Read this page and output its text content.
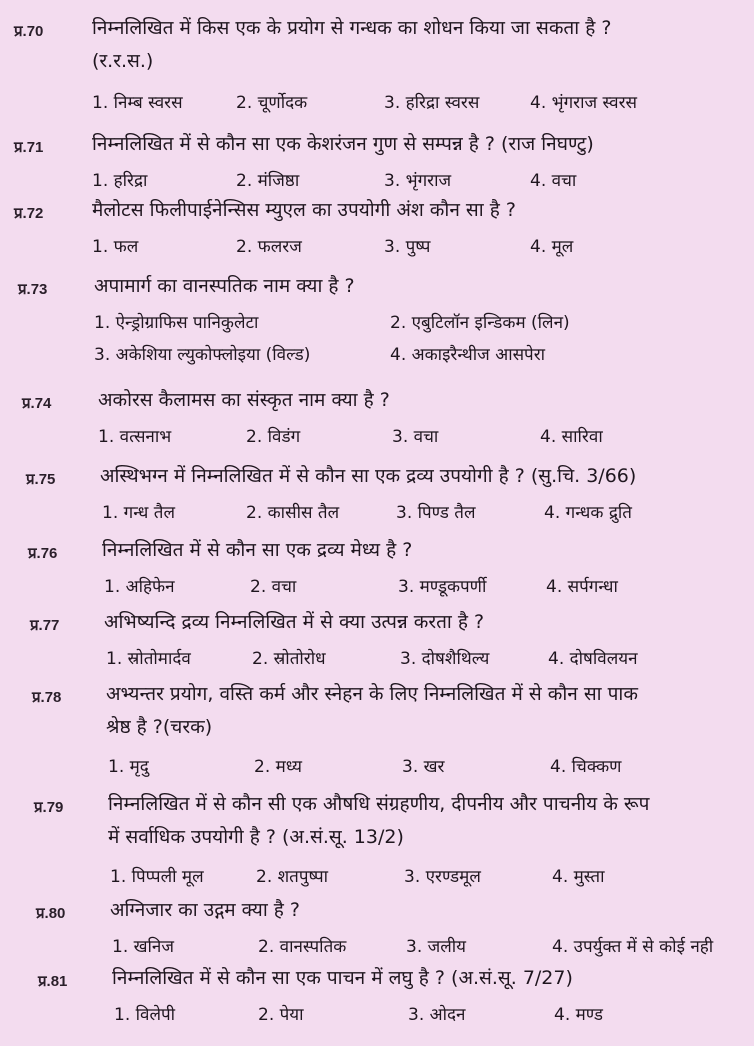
प्र.70	निम्नलिखित में किस एक के प्रयोग से गन्धक का शोधन किया जा सकता है ?
(र.र.स.)
1. निम्ब स्वरस	2. चूर्णोदक	3. हरिद्रा स्वरस	4. भृंगराज स्वरस
प्र.71	निम्नलिखित में से कौन सा एक केशरंजन गुण से सम्पन्न है ? (राज निघण्टु)
1. हरिद्रा	2. मंजिष्ठा	3. भृंगराज	4. वचा
प्र.72	मैलोटस फिलीपाईनेन्सिस म्युएल का उपयोगी अंश कौन सा है ?
1. फल	2. फलरज	3. पुष्प	4. मूल
प्र.73 अपामार्ग का वानस्पतिक नाम क्या है ?
1. ऐन्ड्रोग्राफिस पानिकुलेटा	2. एबुटिलॉन इन्डिकम (लिन)
3. अकेशिया ल्युकोफ्लोइया (विल्ड)	4. अकाइरैन्थीज आसपेरा
प्र.74 अकोरस कैलामस का संस्कृत नाम क्या है ?
1. वत्सनाभ	2. विडंग	3. वचा	4. सारिवा
प्र.75 अस्थिभग्न में निम्नलिखित में से कौन सा एक द्रव्य उपयोगी है ? (सु.चि. 3/66)
1. गन्ध तैल	2. कासीस तैल	3. पिण्ड तैल	4. गन्धक द्रुति
प्र.76 निम्नलिखित में से कौन सा एक द्रव्य मेध्य है ?
1. अहिफेन	2. वचा	3. मण्डूकपर्णी	4. सर्पगन्धा
प्र.77 अभिष्यन्दि द्रव्य निम्नलिखित में से क्या उत्पन्न करता है ?
1. स्रोतोमार्दव	2. स्रोतोरोध	3. दोषशैथिल्य	4. दोषविलयन
प्र.78 अभ्यन्तर प्रयोग, वस्ति कर्म और स्नेहन के लिए निम्नलिखित में से कौन सा पाक
श्रेष्ठ है ?(चरक)
1. मृदु	2. मध्य	3. खर	4. चिक्कण
प्र.79 निम्नलिखित में से कौन सी एक औषधि संग्रहणीय, दीपनीय और पाचनीय के रूप
में सर्वाधिक उपयोगी है ? (अ.सं.सू. 13/2)
1. पिप्पली मूल	2. शतपुष्पा	3. एरण्डमूल	4. मुस्ता
प्र.80 अग्निजार का उद्गम क्या है ?
1. खनिज	2. वानस्पतिक	3. जलीय	4. उपर्युक्त में से कोई नही
प्र.81 निम्नलिखित में से कौन सा एक पाचन में लघु है ? (अ.सं.सू. 7/27)
1. विलेपी	2. पेया	3. ओदन	4. मण्ड
